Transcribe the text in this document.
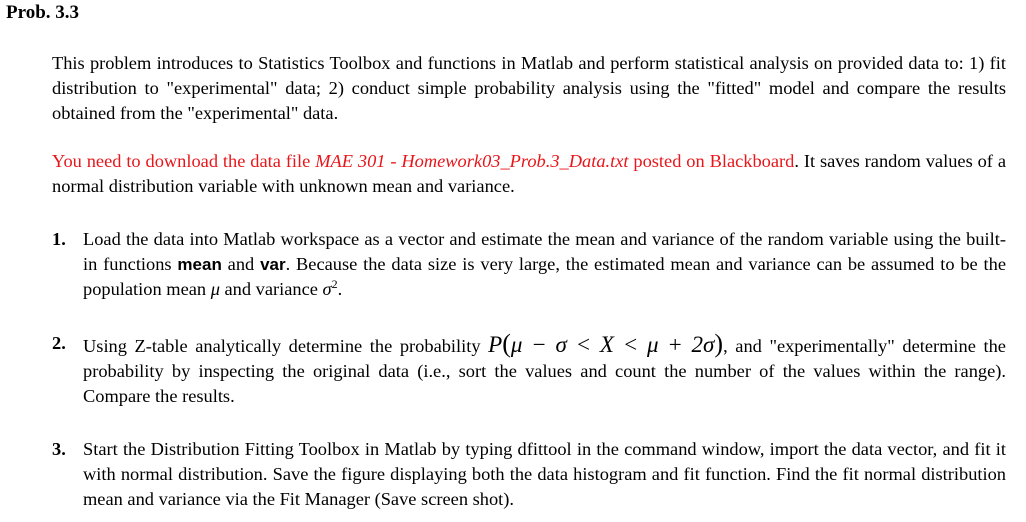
Prob. 3.3
This problem introduces to Statistics Toolbox and functions in Matlab and perform statistical analysis on provided data to: 1) fit distribution to "experimental" data; 2) conduct simple probability analysis using the "fitted" model and compare the results obtained from the "experimental" data.
You need to download the data file MAE 301 - Homework03_Prob.3_Data.txt posted on Blackboard. It saves random values of a normal distribution variable with unknown mean and variance.
1. Load the data into Matlab workspace as a vector and estimate the mean and variance of the random variable using the built-in functions mean and var. Because the data size is very large, the estimated mean and variance can be assumed to be the population mean μ and variance $\sigma^2$.
2. Using Z-table analytically determine the probability P(μ − σ < X < μ + 2σ), and "experimentally" determine the probability by inspecting the original data (i.e., sort the values and count the number of the values within the range). Compare the results.
3. Start the Distribution Fitting Toolbox in Matlab by typing dfittool in the command window, import the data vector, and fit it with normal distribution. Save the figure displaying both the data histogram and fit function. Find the fit normal distribution mean and variance via the Fit Manager (Save screen shot).
